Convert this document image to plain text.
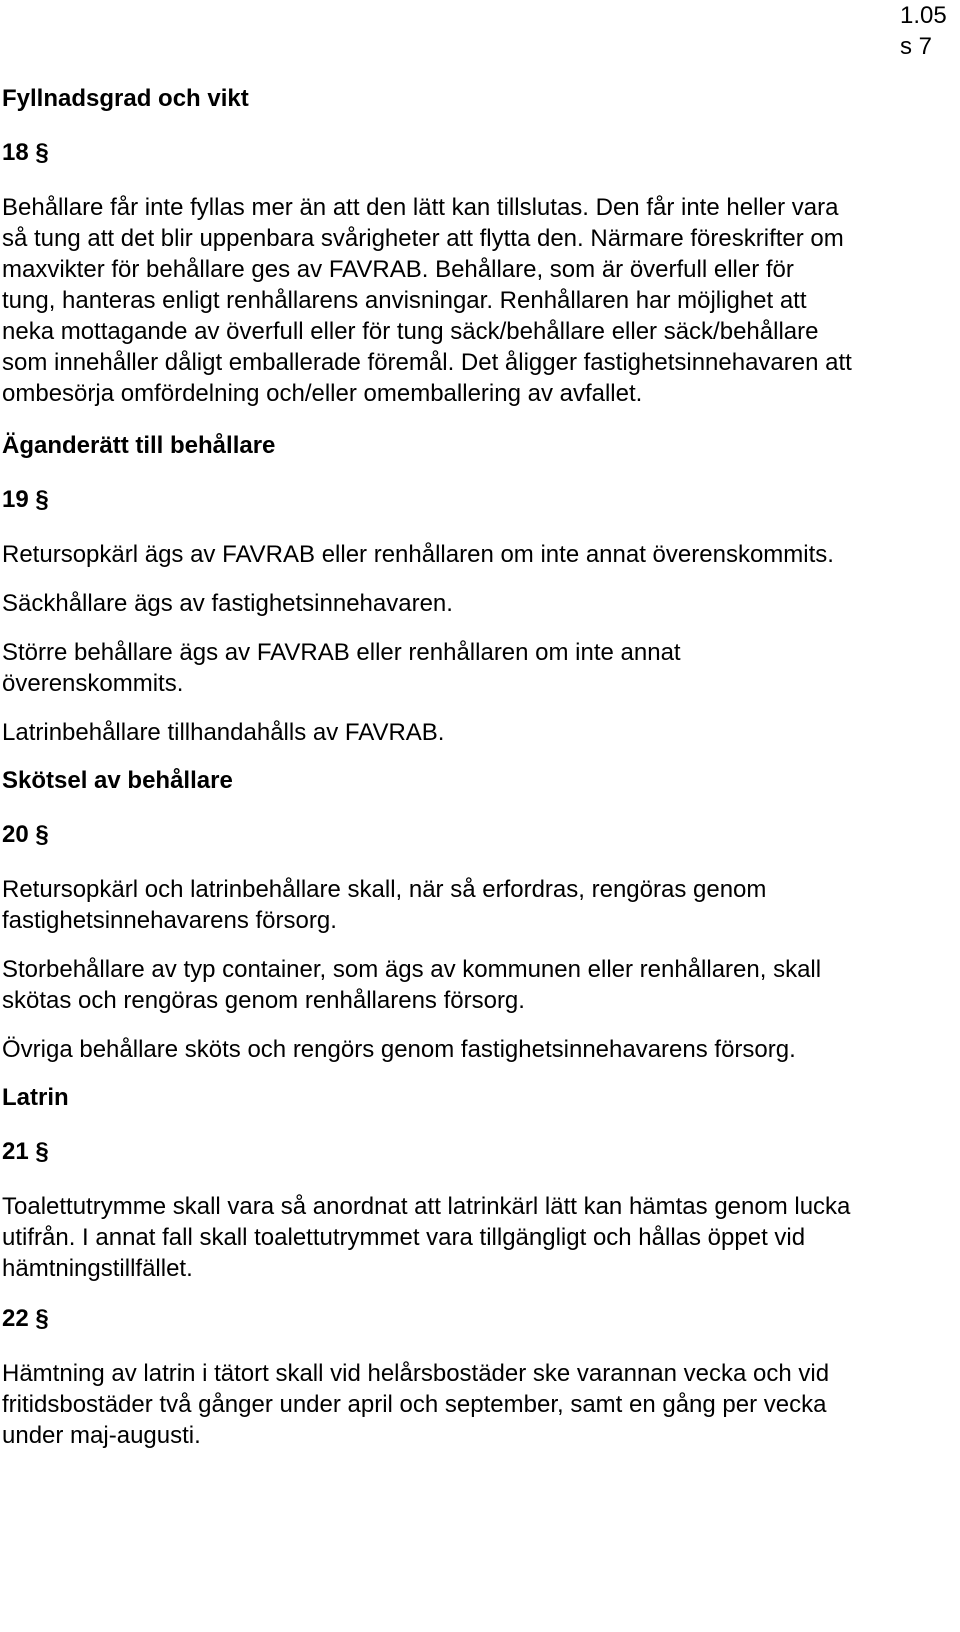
1.05
s 7
Fyllnadsgrad och vikt
18 §

Behållare får inte fyllas mer än att den lätt kan tillslutas. Den får inte heller vara så tung att det blir uppenbara svårigheter att flytta den. Närmare föreskrifter om maxvikter för behållare ges av FAVRAB. Behållare, som är överfull eller för tung, hanteras enligt renhållarens anvisningar. Renhållaren har möjlighet att neka mottagande av överfull eller för tung säck/behållare eller säck/behållare som innehåller dåligt emballerade föremål. Det åligger fastighetsinnehavaren att ombesörja omfördelning och/eller omemballering av avfallet.

Äganderätt till behållare
19 §

Retursopkärl ägs av FAVRAB eller renhållaren om inte annat överenskommits.

Säckhållare ägs av fastighetsinnehavaren.

Större behållare ägs av FAVRAB eller renhållaren om inte annat överenskommits.

Latrinbehållare tillhandahålls av FAVRAB.

Skötsel av behållare
20 §

Retursopkärl och latrinbehållare skall, när så erfordras, rengöras genom fastighetsinnehavarens försorg.

Storbehållare av typ container, som ägs av kommunen eller renhållaren, skall skötas och rengöras genom renhållarens försorg.

Övriga behållare sköts och rengörs genom fastighetsinnehavarens försorg.

Latrin
21 §

Toalettutrymme skall vara så anordnat att latrinkärl lätt kan hämtas genom lucka utifrån. I annat fall skall toalettutrymmet vara tillgängligt och hållas öppet vid hämtningstillfället.

22 §

Hämtning av latrin i tätort skall vid helårsbostäder ske varannan vecka och vid fritidsbostäder två gånger under april och september, samt en gång per vecka under maj-augusti.
